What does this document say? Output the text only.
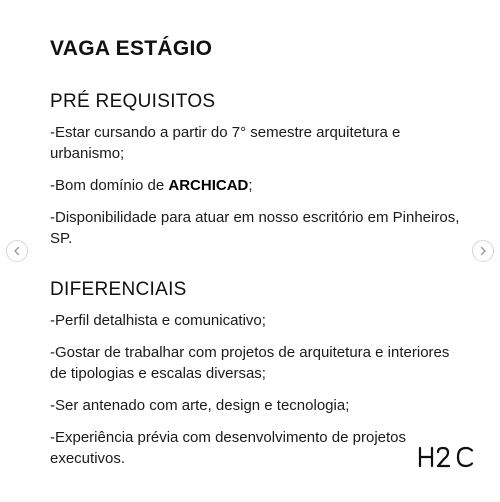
VAGA ESTÁGIO
PRÉ REQUISITOS
-Estar cursando a partir do 7° semestre arquitetura e urbanismo;
-Bom domínio de ARCHICAD;
-Disponibilidade para atuar em nosso escritório em Pinheiros, SP.
DIFERENCIAIS
-Perfil detalhista e comunicativo;
-Gostar de trabalhar com projetos de arquitetura e interiores de tipologias e escalas diversas;
-Ser antenado com arte, design e tecnologia;
-Experiência prévia com desenvolvimento de projetos executivos.
